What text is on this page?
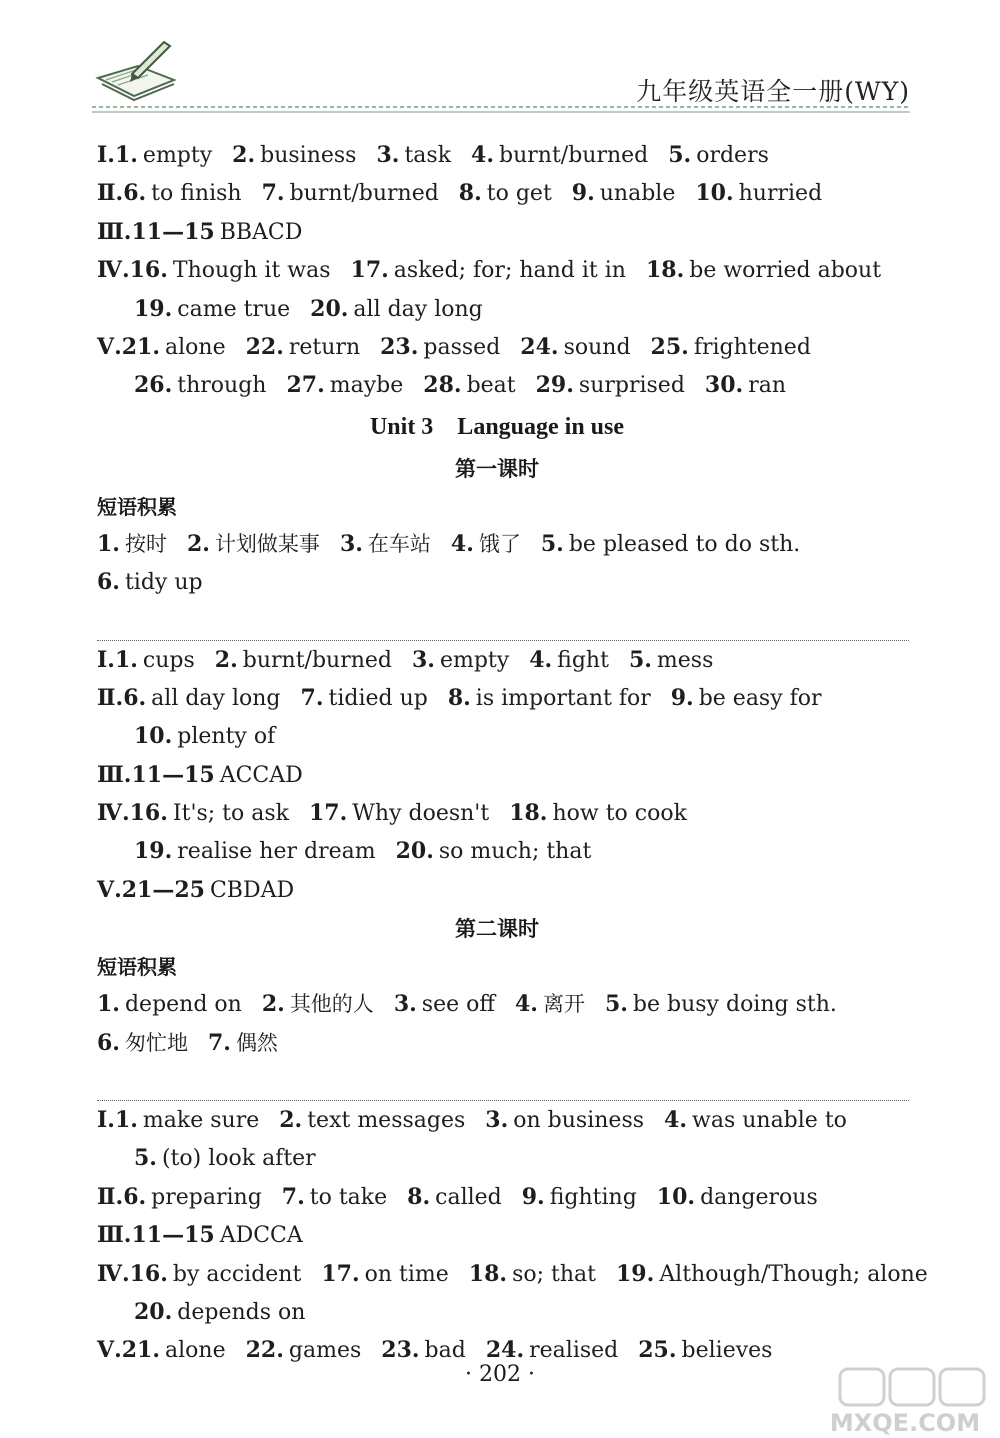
九年级英语全一册(WY)
Ⅰ.1. empty 2. business 3. task 4. burnt/burned 5. orders
Ⅱ.6. to finish 7. burnt/burned 8. to get 9. unable 10. hurried
Ⅲ.11—15 BBACD
Ⅳ.16. Though it was 17. asked; for; hand it in 18. be worried about
19. came true 20. all day long
Ⅴ.21. alone 22. return 23. passed 24. sound 25. frightened
26. through 27. maybe 28. beat 29. surprised 30. ran
Unit 3    Language in use
第一课时
短语积累
1. 按时 2. 计划做某事 3. 在车站 4. 饿了 5. be pleased to do sth.
6. tidy up
Ⅰ.1. cups 2. burnt/burned 3. empty 4. fight 5. mess
Ⅱ.6. all day long 7. tidied up 8. is important for 9. be easy for
10. plenty of
Ⅲ.11—15 ACCAD
Ⅳ.16. It's; to ask 17. Why doesn't 18. how to cook
19. realise her dream 20. so much; that
Ⅴ.21—25 CBDAD
第二课时
短语积累
1. depend on 2. 其他的人 3. see off 4. 离开 5. be busy doing sth.
6. 匆忙地 7. 偶然
Ⅰ.1. make sure 2. text messages 3. on business 4. was unable to
5. (to) look after
Ⅱ.6. preparing 7. to take 8. called 9. fighting 10. dangerous
Ⅲ.11—15 ADCCA
Ⅳ.16. by accident 17. on time 18. so; that 19. Although/Though; alone
20. depends on
Ⅴ.21. alone 22. games 23. bad 24. realised 25. believes
· 202 ·
MXQE.COM
